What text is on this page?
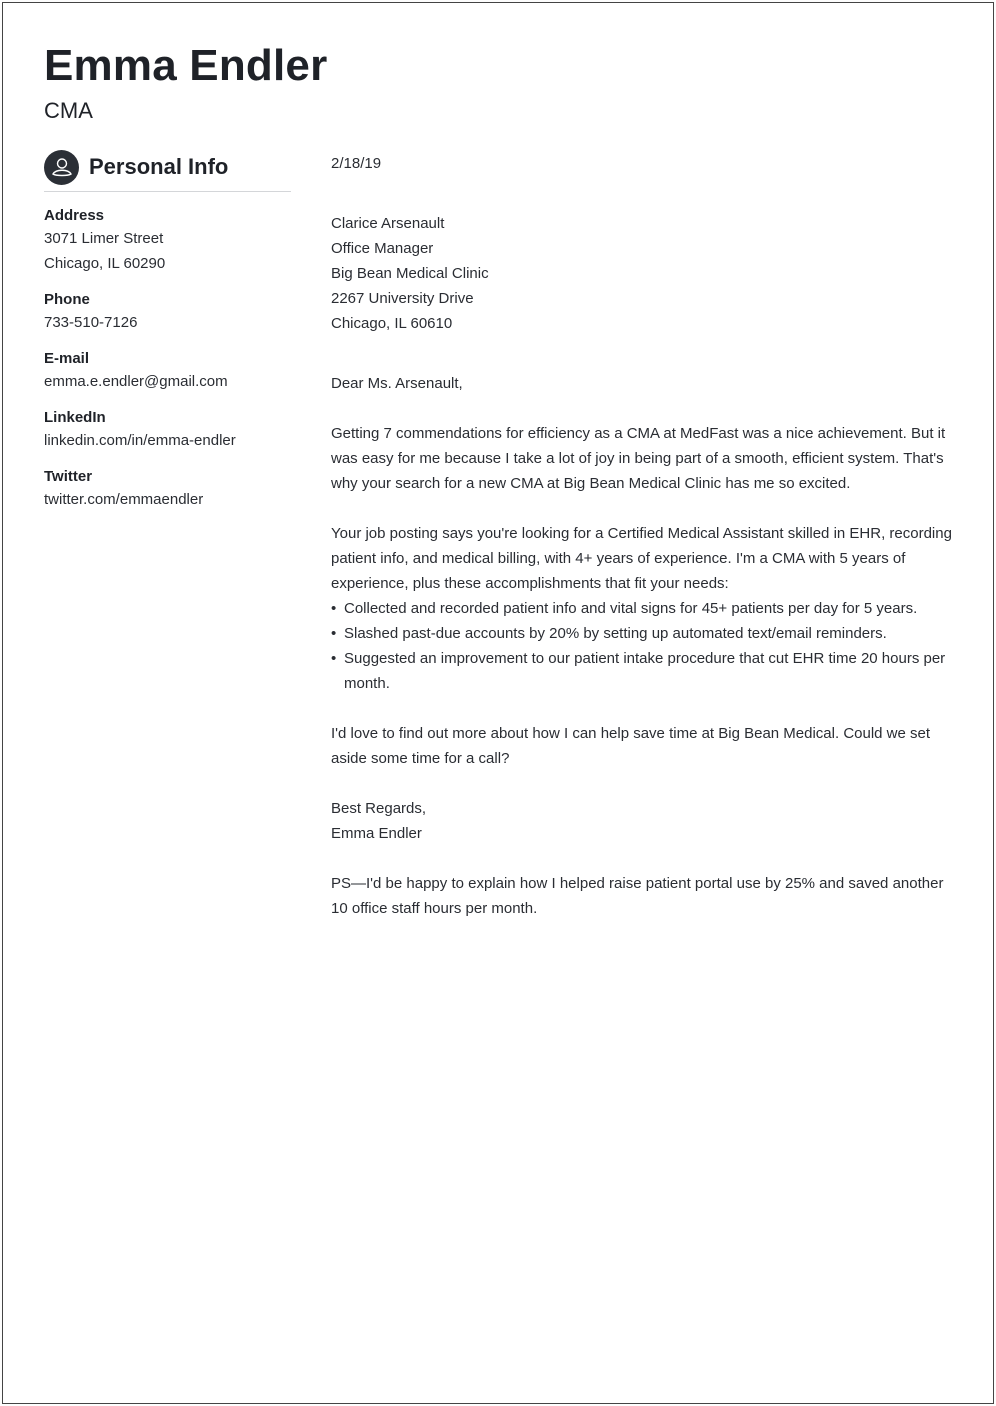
Emma Endler
CMA
Personal Info
Address
3071 Limer Street
Chicago, IL 60290
Phone
733-510-7126
E-mail
emma.e.endler@gmail.com
LinkedIn
linkedin.com/in/emma-endler
Twitter
twitter.com/emmaendler
2/18/19
Clarice Arsenault
Office Manager
Big Bean Medical Clinic
2267 University Drive
Chicago, IL 60610
Dear Ms. Arsenault,
Getting 7 commendations for efficiency as a CMA at MedFast was a nice achievement. But it was easy for me because I take a lot of joy in being part of a smooth, efficient system. That's why your search for a new CMA at Big Bean Medical Clinic has me so excited.
Your job posting says you're looking for a Certified Medical Assistant skilled in EHR, recording patient info, and medical billing, with 4+ years of experience. I'm a CMA with 5 years of experience, plus these accomplishments that fit your needs:
• Collected and recorded patient info and vital signs for 45+ patients per day for 5 years.
• Slashed past-due accounts by 20% by setting up automated text/email reminders.
• Suggested an improvement to our patient intake procedure that cut EHR time 20 hours per month.
I'd love to find out more about how I can help save time at Big Bean Medical. Could we set aside some time for a call?
Best Regards,
Emma Endler
PS—I'd be happy to explain how I helped raise patient portal use by 25% and saved another 10 office staff hours per month.
